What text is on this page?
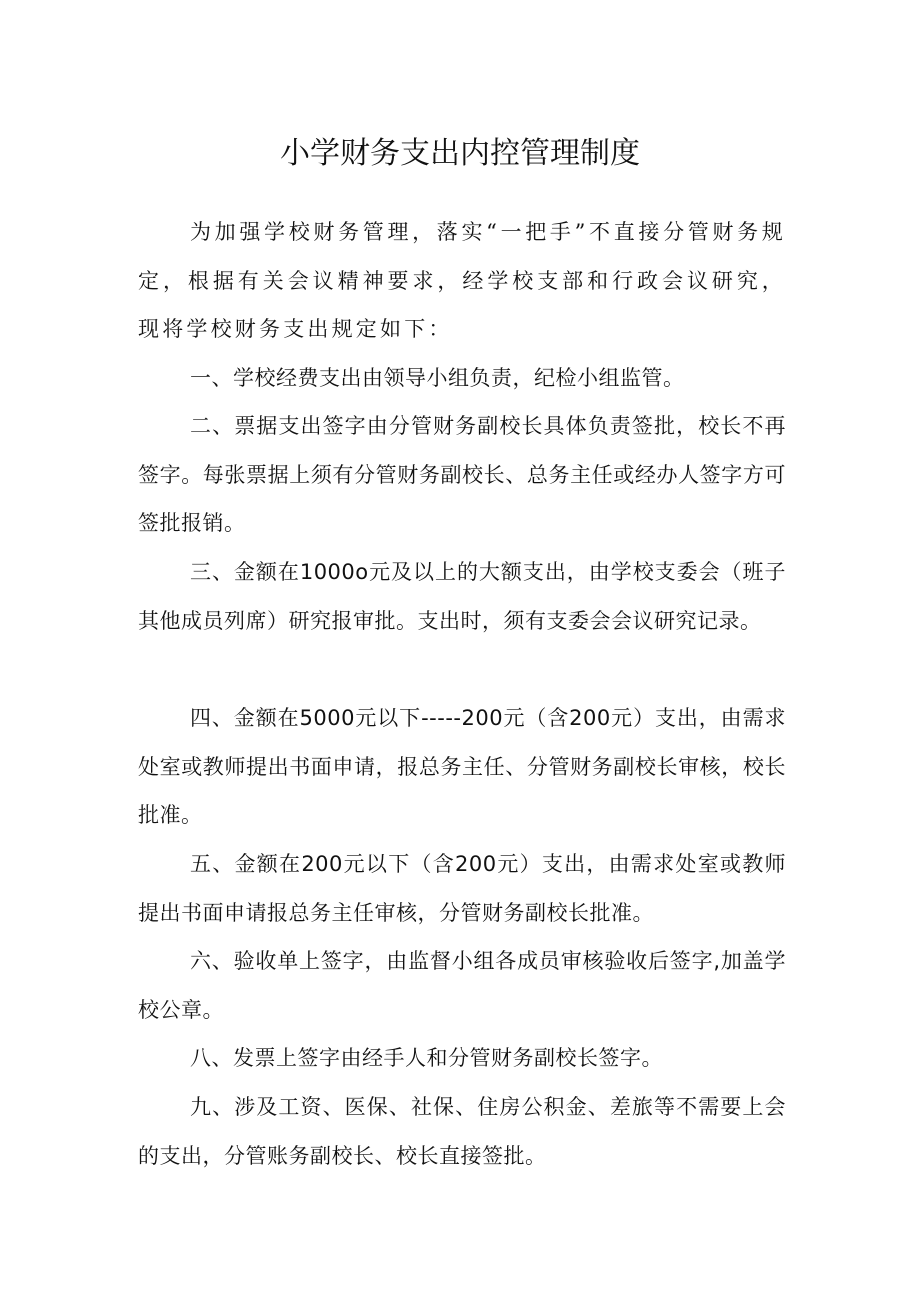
小学财务支出内控管理制度

为加强学校财务管理，落实“一把手”不直接分管财务规定，根据有关会议精神要求，经学校支部和行政会议研究，现将学校财务支出规定如下：

一、学校经费支出由领导小组负责，纪检小组监管。

二、票据支出签字由分管财务副校长具体负责签批，校长不再签字。每张票据上须有分管财务副校长、总务主任或经办人签字方可签批报销。

三、金额在1000o元及以上的大额支出，由学校支委会（班子其他成员列席）研究报审批。支出时，须有支委会会议研究记录。

四、金额在5000元以下-----200元（含200元）支出，由需求处室或教师提出书面申请，报总务主任、分管财务副校长审核，校长批准。

五、金额在200元以下（含200元）支出，由需求处室或教师提出书面申请报总务主任审核，分管财务副校长批准。

六、验收单上签字，由监督小组各成员审核验收后签字,加盖学校公章。

八、发票上签字由经手人和分管财务副校长签字。

九、涉及工资、医保、社保、住房公积金、差旅等不需要上会的支出，分管账务副校长、校长直接签批。
